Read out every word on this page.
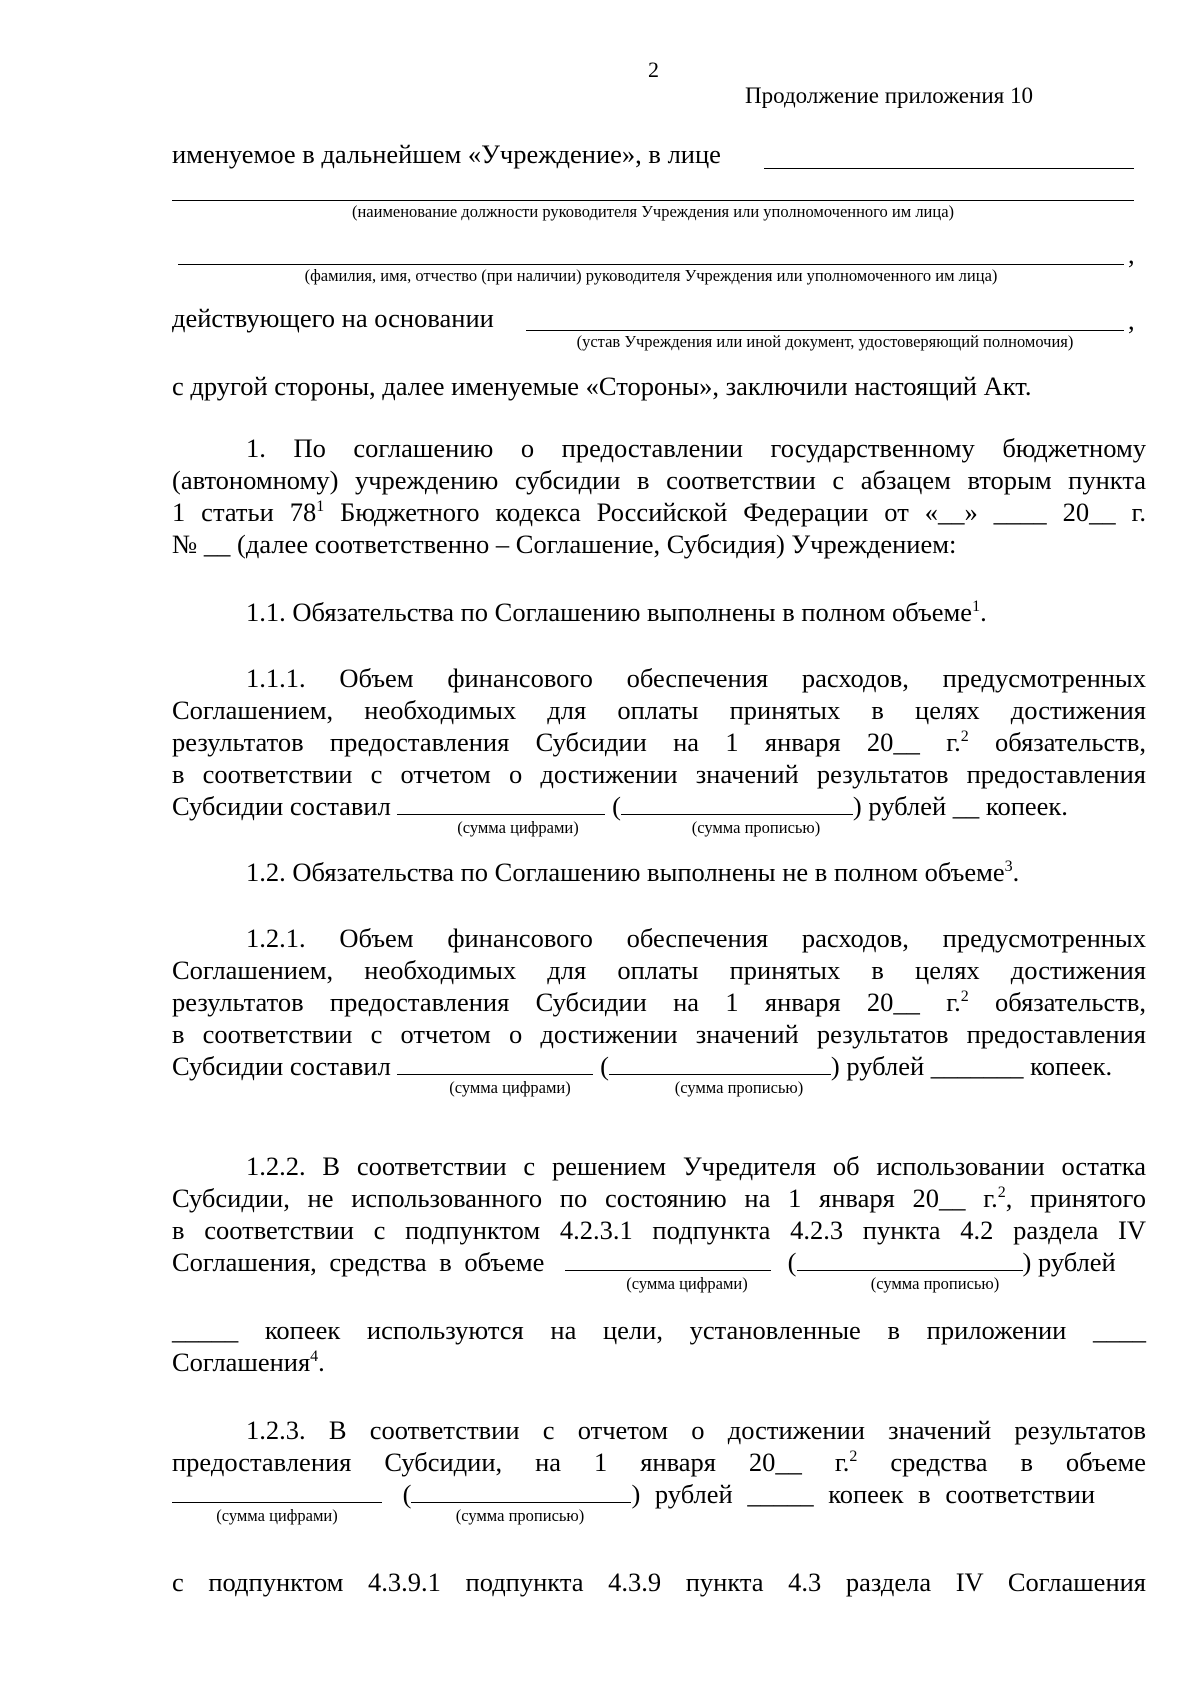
2
Продолжение приложения 10
именуемое в дальнейшем «Учреждение», в лице
(наименование должности руководителя Учреждения или уполномоченного им лица)
,
(фамилия, имя, отчество (при наличии) руководителя Учреждения или уполномоченного им лица)
действующего на основании	,
(устав Учреждения или иной документ, удостоверяющий полномочия)
с другой стороны, далее именуемые «Стороны», заключили настоящий Акт.
1. По соглашению о предоставлении государственному бюджетному
(автономному) учреждению субсидии в соответствии с абзацем вторым пункта
1 статьи $78^1$ Бюджетного кодекса Российской Федерации от «__» ____ 20__ г.
№ __ (далее соответственно – Соглашение, Субсидия) Учреждением:
1.1. Обязательства по Соглашению выполнены в полном объеме$^1$.
1.1.1. Объем финансового обеспечения расходов, предусмотренных
Соглашением, необходимых для оплаты принятых в целях достижения
результатов предоставления Субсидии на 1 января 20__ г.$^2$ обязательств,
в соответствии с отчетом о достижении значений результатов предоставления
Субсидии составил	(	) рублей __ копеек.
(сумма цифрами)	(сумма прописью)
1.2. Обязательства по Соглашению выполнены не в полном объеме$^3$.
1.2.1. Объем финансового обеспечения расходов, предусмотренных
Соглашением, необходимых для оплаты принятых в целях достижения
результатов предоставления Субсидии на 1 января 20__ г.$^2$ обязательств,
в соответствии с отчетом о достижении значений результатов предоставления
Субсидии составил	(	) рублей _______ копеек.
(сумма цифрами)	(сумма прописью)
1.2.2. В соответствии с решением Учредителя об использовании остатка
Субсидии, не использованного по состоянию на 1 января 20__ г.$^2$, принятого
в соответствии с подпунктом 4.2.3.1 подпункта 4.2.3 пункта 4.2 раздела IV
Соглашения, средства в объеме	(	) рублей
(сумма цифрами)	(сумма прописью)
_____ копеек используются на цели, установленные в приложении ____
Соглашения$^4$.
1.2.3. В соответствии с отчетом о достижении значений результатов
предоставления Субсидии, на 1 января 20__ г.$^2$ средства в объеме
(	) рублей _____ копеек в соответствии
(сумма цифрами)	(сумма прописью)
с подпунктом 4.3.9.1 подпункта 4.3.9 пункта 4.3 раздела IV Соглашения
